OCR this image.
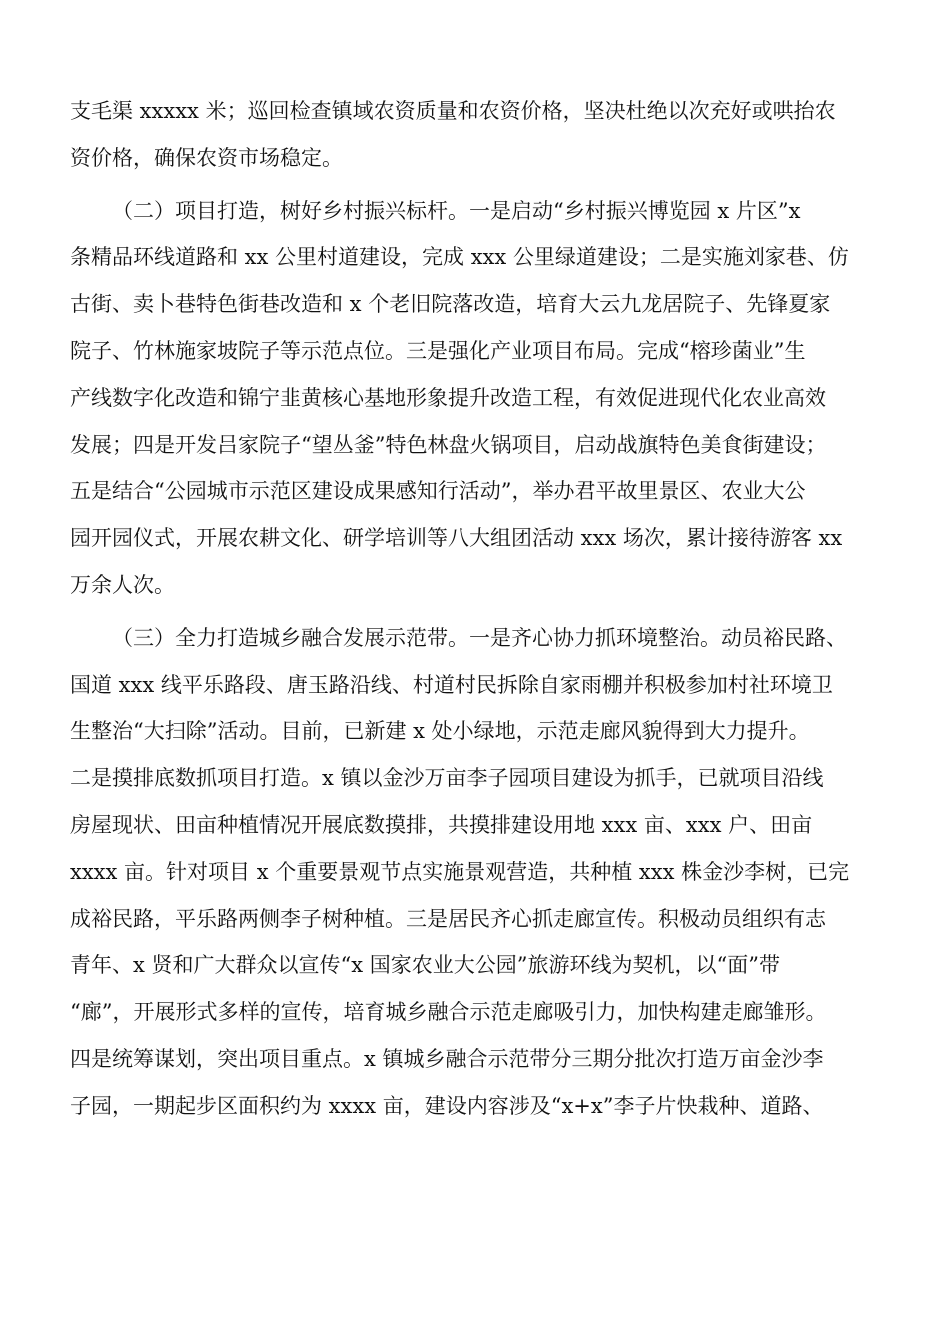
支毛渠 xxxxx 米；巡回检查镇域农资质量和农资价格，坚决杜绝以次充好或哄抬农
资价格，确保农资市场稳定。
（二）项目打造，树好乡村振兴标杆。一是启动“乡村振兴博览园 x 片区”x
条精品环线道路和 xx 公里村道建设，完成 xxx 公里绿道建设；二是实施刘家巷、仿
古街、卖卜巷特色街巷改造和 x 个老旧院落改造，培育大云九龙居院子、先锋夏家
院子、竹林施家坡院子等示范点位。三是强化产业项目布局。完成“榕珍菌业”生
产线数字化改造和锦宁韭黄核心基地形象提升改造工程，有效促进现代化农业高效
发展；四是开发吕家院子“望丛釜”特色林盘火锅项目，启动战旗特色美食街建设；
五是结合“公园城市示范区建设成果感知行活动”，举办君平故里景区、农业大公
园开园仪式，开展农耕文化、研学培训等八大组团活动 xxx 场次，累计接待游客 xx
万余人次。
（三）全力打造城乡融合发展示范带。一是齐心协力抓环境整治。动员裕民路、
国道 xxx 线平乐路段、唐玉路沿线、村道村民拆除自家雨棚并积极参加村社环境卫
生整治“大扫除”活动。目前，已新建 x 处小绿地，示范走廊风貌得到大力提升。
二是摸排底数抓项目打造。x 镇以金沙万亩李子园项目建设为抓手，已就项目沿线
房屋现状、田亩种植情况开展底数摸排，共摸排建设用地 xxx 亩、xxx 户、田亩
xxxx 亩。针对项目 x 个重要景观节点实施景观营造，共种植 xxx 株金沙李树，已完
成裕民路，平乐路两侧李子树种植。三是居民齐心抓走廊宣传。积极动员组织有志
青年、x 贤和广大群众以宣传“x 国家农业大公园”旅游环线为契机，以“面”带
“廊”，开展形式多样的宣传，培育城乡融合示范走廊吸引力，加快构建走廊雏形。
四是统筹谋划，突出项目重点。x 镇城乡融合示范带分三期分批次打造万亩金沙李
子园，一期起步区面积约为 xxxx 亩，建设内容涉及“x+x”李子片快栽种、道路、
